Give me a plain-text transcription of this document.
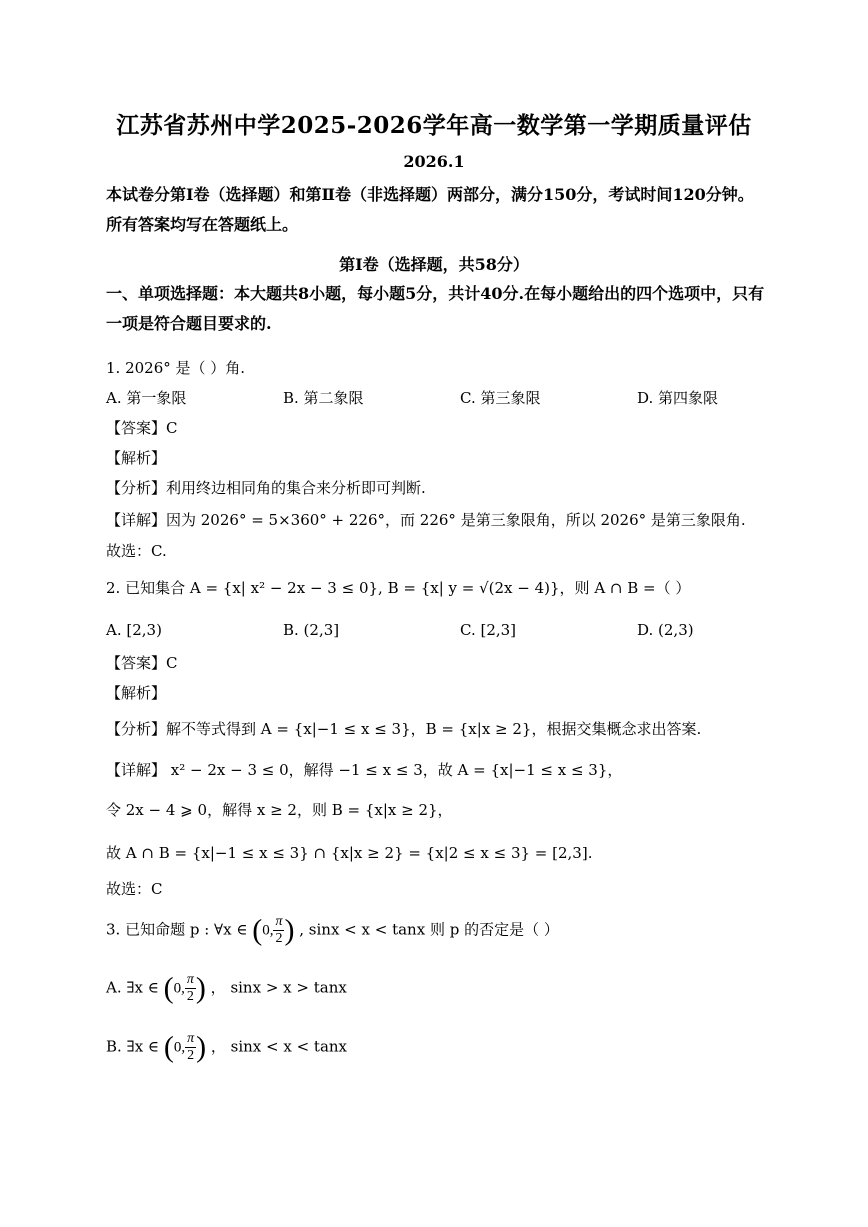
江苏省苏州中学2025-2026学年高一数学第一学期质量评估
2026.1
本试卷分第Ⅰ卷（选择题）和第Ⅱ卷（非选择题）两部分，满分150分，考试时间120分钟。所有答案均写在答题纸上。
第Ⅰ卷（选择题，共58分）
一、单项选择题：本大题共8小题，每小题5分，共计40分.在每小题给出的四个选项中，只有一项是符合题目要求的.
1. 2026° 是（ ）角.
A. 第一象限	B. 第二象限	C. 第三象限	D. 第四象限
【答案】C
【解析】
【分析】利用终边相同角的集合来分析即可判断.
【详解】因为 2026° = 5×360° + 226°，而 226° 是第三象限角，所以 2026° 是第三象限角.
故选：C.
2. 已知集合 A = {x| x² − 2x − 3 ≤ 0}, B = {x| y = √(2x − 4)}，则 A ∩ B =（ ）
A. [2,3)	B. (2,3]	C. [2,3]	D. (2,3)
【答案】C
【解析】
【分析】解不等式得到 A = {x|−1 ≤ x ≤ 3}，B = {x|x ≥ 2}，根据交集概念求出答案.
【详解】 x² − 2x − 3 ≤ 0，解得 −1 ≤ x ≤ 3，故 A = {x|−1 ≤ x ≤ 3}，
令 2x − 4 ⩾ 0，解得 x ≥ 2，则 B = {x|x ≥ 2}，
故 A ∩ B = {x|−1 ≤ x ≤ 3} ∩ {x|x ≥ 2} = {x|2 ≤ x ≤ 3} = [2,3].
故选：C
3. 已知命题 p : ∀x ∈ (0, $\frac{\pi}{2}$ ) , sinx < x < tanx 则 p 的否定是（ ）
A. ∃x ∈ (0, $\frac{\pi}{2}$ ) ， sinx > x > tanx
B. ∃x ∈ (0, $\frac{\pi}{2}$ ) ， sinx < x < tanx
